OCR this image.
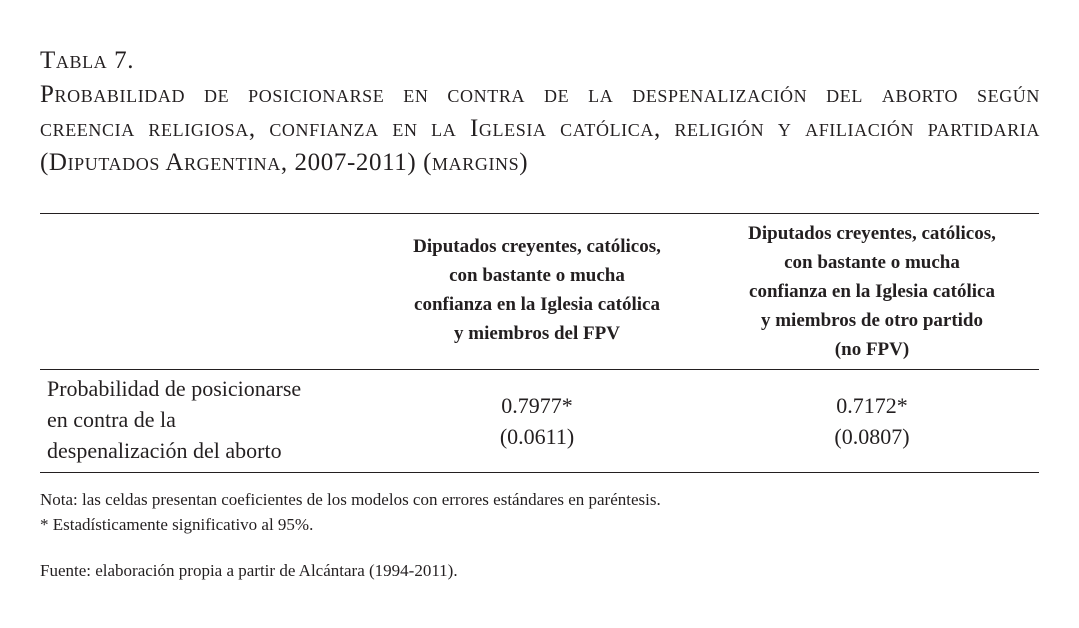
Tabla 7.
Probabilidad de posicionarse en contra de la despenalización del aborto según
creencia religiosa, confianza en la Iglesia católica, religión y afiliación partidaria
(Diputados Argentina, 2007-2011) (margins)
Diputados creyentes, católicos,
con bastante o mucha
confianza en la Iglesia católica
y miembros del FPV
Diputados creyentes, católicos,
con bastante o mucha
confianza en la Iglesia católica
y miembros de otro partido
(no FPV)
Probabilidad de posicionarse
en contra de la
despenalización del aborto
0.7977*
(0.0611)
0.7172*
(0.0807)
Nota: las celdas presentan coeficientes de los modelos con errores estándares en paréntesis.
* Estadísticamente significativo al 95%.
Fuente: elaboración propia a partir de Alcántara (1994-2011).
